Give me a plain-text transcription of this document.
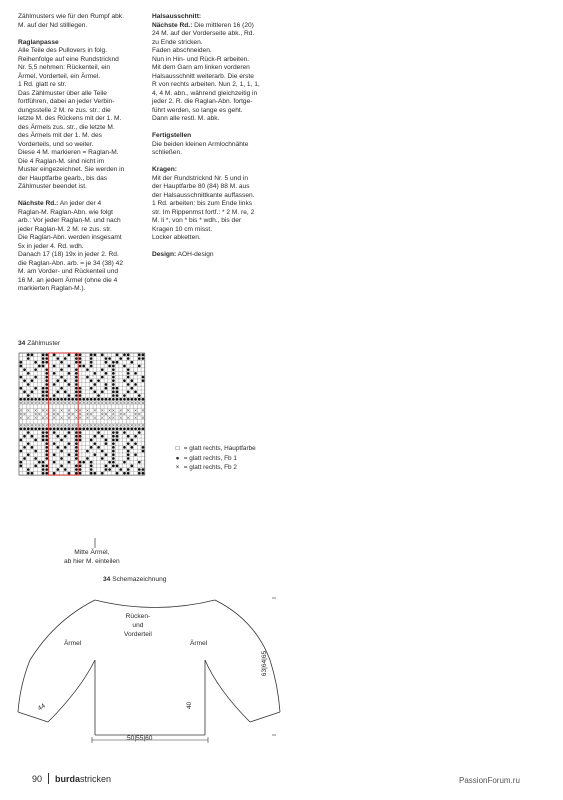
Zählmusters wie für den Rumpf abk.
M. auf der Nd stilllegen.

Raglanpasse
Alle Teile des Pullovers in folg.
Reihenfolge auf eine Rundstricknd
Nr. 5,5 nehmen: Rückenteil, ein
Ärmel, Vorderteil, ein Ärmel.
1 Rd. glatt re str.
Das Zählmuster über alle Teile
fortführen, dabei an jeder Verbin-
dungsstelle 2 M. re zus. str.: die
letzte M. des Rückens mit der 1. M.
des Ärmels zus. str., die letzte M.
des Ärmels mit der 1. M. des
Vorderteils, und so weiter.
Diese 4 M. markieren = Raglan-M.
Die 4 Raglan-M. sind nicht im
Muster eingezeichnet. Sie werden in
der Hauptfarbe gearb., bis das
Zählmuster beendet ist.

Nächste Rd.: An jeder der 4
Raglan-M. Raglan-Abn. wie folgt
arb.: Vor jeder Raglan-M. und nach
jeder Raglan-M. 2 M. re zus. str.
Die Raglan-Abn. werden insgesamt
5x in jeder 4. Rd. wdh.
Danach 17 (18) 19x in jeder 2. Rd.
die Raglan-Abn. arb. = je 34 (38) 42
M. am Vorder- und Rückenteil und
16 M. an jedem Ärmel (ohne die 4
markierten Raglan-M.).

Halsausschnitt:
Nächste Rd.: Die mittleren 16 (20)
24 M. auf der Vorderseite abk., Rd.
zu Ende stricken.
Faden abschneiden.
Nun in Hin- und Rück-R arbeiten.
Mit dem Garn am linken vorderen
Halsausschnitt weiterarb. Die erste
R von rechts arbeiten. Nun 2, 1, 1, 1,
4, 4 M. abn., während gleichzeitig in
jeder 2. R. die Raglan-Abn. fortge-
führt werden, so lange es geht.
Dann alle restl. M. abk.

Fertigstellen
Die beiden kleinen Armlochnähte
schließen.

Kragen:
Mit der Rundstricknd Nr. 5 und in
der Hauptfarbe 80 (84) 88 M. aus
der Halsausschnittkante auffassen.
1 Rd. arbeiten: bis zum Ende links
str. Im Rippenmst fortf.: * 2 M. re, 2
M. li *, von * bis * wdh., bis der
Kragen 10 cm misst.
Locker abketten.

Design: AOH-design

34 Zählmuster
Mitte Ärmel,
ab hier M. einteilen
□ = glatt rechts, Hauptfarbe
● = glatt rechts, Fb 1
× = glatt rechts, Fb 2
34 Schemazeichnung
Rücken-
und
Vorderteil
Ärmel	Ärmel
44	40
50|55|60
63|64|65
90 burdastricken	PassionForum.ru
